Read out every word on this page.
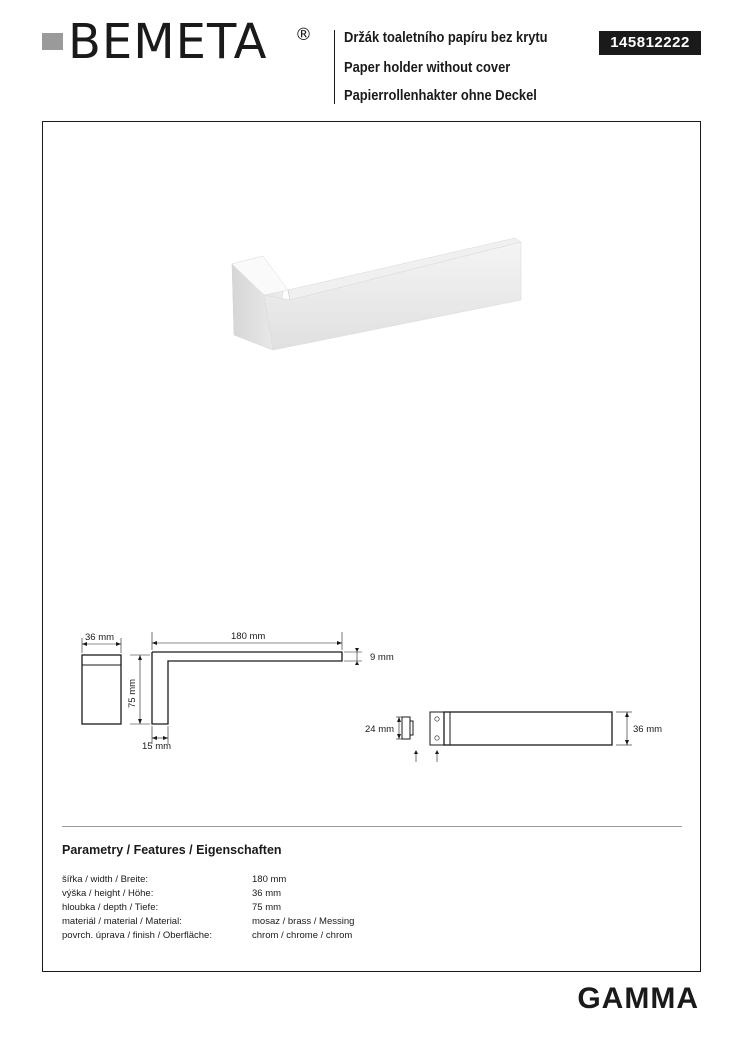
BEMETA ® Držák toaletního papíru bez krytu
Paper holder without cover
Papierrollenhakter ohne Deckel
145812222
36 mm	180 mm
9 mm
75 mm
15 mm
24 mm	36 mm
Parametry / Features / Eigenschaften
šířka / width / Breite:	180 mm
výška / height / Höhe:	36 mm
hloubka / depth / Tiefe:	75 mm
materiál / material / Material:	mosaz / brass / Messing
povrch. úprava / finish / Oberfläche:	chrom / chrome / chrom
GAMMA
